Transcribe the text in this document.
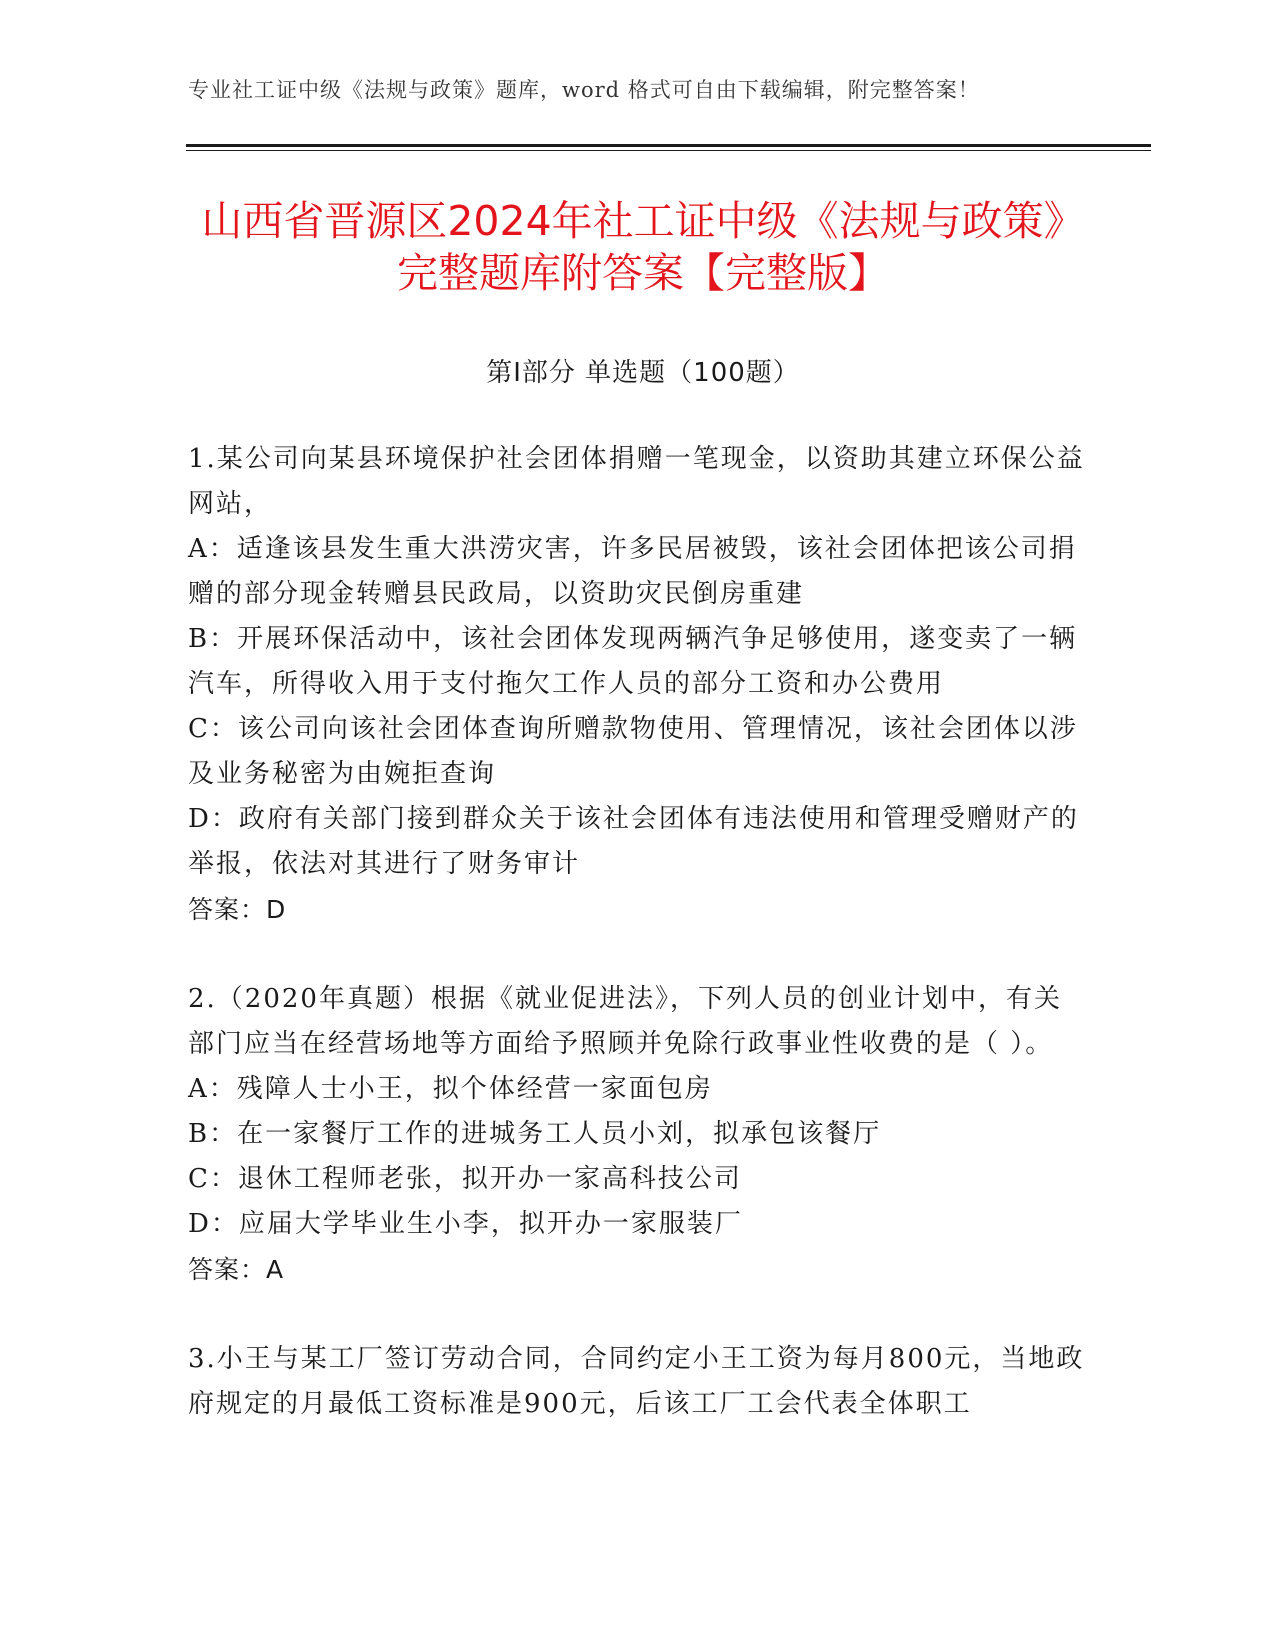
专业社工证中级《法规与政策》题库，word 格式可自由下载编辑，附完整答案！
山西省晋源区2024年社工证中级《法规与政策》完整题库附答案【完整版】
第Ⅰ部分 单选题（100题）

1.某公司向某县环境保护社会团体捐赠一笔现金，以资助其建立环保公益网站，

A：适逢该县发生重大洪涝灾害，许多民居被毁，该社会团体把该公司捐赠的部分现金转赠县民政局，以资助灾民倒房重建

B：开展环保活动中，该社会团体发现两辆汽争足够使用，遂变卖了一辆汽车，所得收入用于支付拖欠工作人员的部分工资和办公费用

C：该公司向该社会团体查询所赠款物使用、管理情况，该社会团体以涉及业务秘密为由婉拒查询

D：政府有关部门接到群众关于该社会团体有违法使用和管理受赠财产的举报，依法对其进行了财务审计

答案：D

2.（2020年真题）根据《就业促进法》，下列人员的创业计划中，有关部门应当在经营场地等方面给予照顾并免除行政事业性收费的是（ ）。

A：残障人士小王，拟个体经营一家面包房

B：在一家餐厅工作的进城务工人员小刘，拟承包该餐厅

C：退休工程师老张，拟开办一家高科技公司

D：应届大学毕业生小李，拟开办一家服装厂

答案：A

3.小王与某工厂签订劳动合同，合同约定小王工资为每月800元，当地政府规定的月最低工资标准是900元，后该工厂工会代表全体职工
